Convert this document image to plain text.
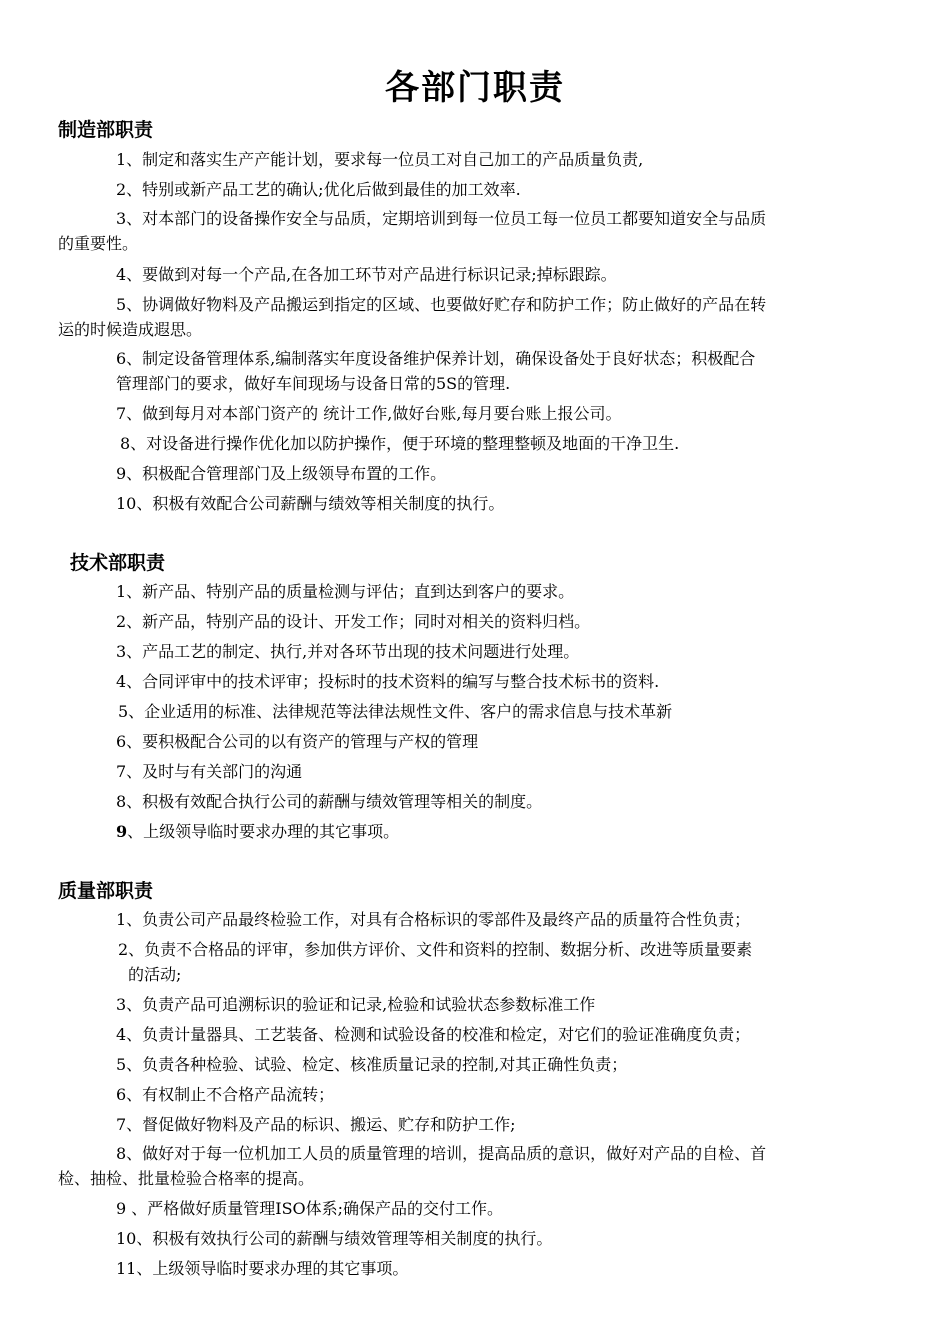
各部门职责
制造部职责
1、制定和落实生产产能计划，要求每一位员工对自己加工的产品质量负责,
2、特别或新产品工艺的确认;优化后做到最佳的加工效率.
3、对本部门的设备操作安全与品质，定期培训到每一位员工每一位员工都要知道安全与品质
的重要性。
4、要做到对每一个产品,在各加工环节对产品进行标识记录;掉标跟踪。
5、协调做好物料及产品搬运到指定的区域、也要做好贮存和防护工作；防止做好的产品在转
运的时候造成遐思。
6、制定设备管理体系,编制落实年度设备维护保养计划，确保设备处于良好状态；积极配合
管理部门的要求，做好车间现场与设备日常的5S的管理.
7、做到每月对本部门资产的 统计工作,做好台账,每月要台账上报公司。
8、对设备进行操作优化加以防护操作，便于环境的整理整顿及地面的干净卫生.
9、积极配合管理部门及上级领导布置的工作。
10、积极有效配合公司薪酬与绩效等相关制度的执行。
技术部职责
1、新产品、特别产品的质量检测与评估；直到达到客户的要求。
2、新产品，特别产品的设计、开发工作；同时对相关的资料归档。
3、产品工艺的制定、执行,并对各环节出现的技术问题进行处理。
4、合同评审中的技术评审；投标时的技术资料的编写与整合技术标书的资料.
5、企业适用的标准、法律规范等法律法规性文件、客户的需求信息与技术革新
6、要积极配合公司的以有资产的管理与产权的管理
7、及时与有关部门的沟通
8、积极有效配合执行公司的薪酬与绩效管理等相关的制度。
9、上级领导临时要求办理的其它事项。
质量部职责
1、负责公司产品最终检验工作，对具有合格标识的零部件及最终产品的质量符合性负责；
2、负责不合格品的评审，参加供方评价、文件和资料的控制、数据分析、改进等质量要素
的活动;
3、负责产品可追溯标识的验证和记录,检验和试验状态参数标准工作
4、负责计量器具、工艺装备、检测和试验设备的校准和检定，对它们的验证准确度负责；
5、负责各种检验、试验、检定、核准质量记录的控制,对其正确性负责；
6、有权制止不合格产品流转；
7、督促做好物料及产品的标识、搬运、贮存和防护工作;
8、做好对于每一位机加工人员的质量管理的培训，提高品质的意识，做好对产品的自检、首
检、抽检、批量检验合格率的提高。
9 、严格做好质量管理ISO体系;确保产品的交付工作。
10、积极有效执行公司的薪酬与绩效管理等相关制度的执行。
11、上级领导临时要求办理的其它事项。
